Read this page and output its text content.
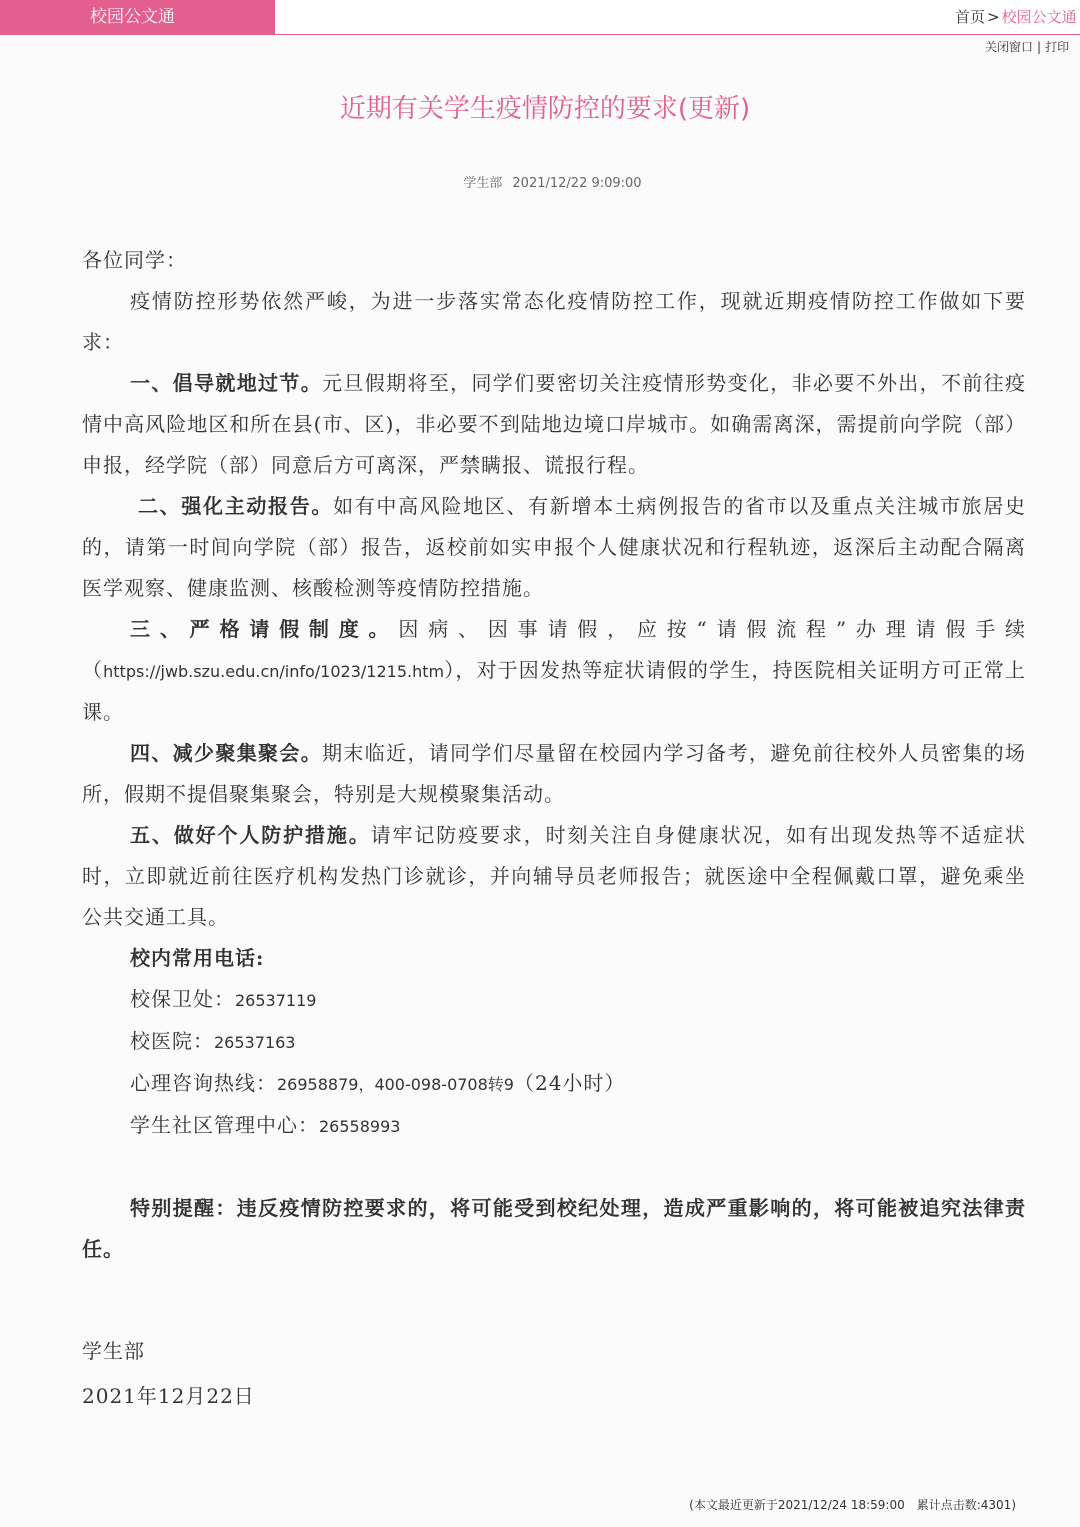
校园公文通	首页 > 校园公文通
关闭窗口 | 打印
近期有关学生疫情防控的要求(更新)
学生部 2021/12/22 9:09:00

各位同学：

疫情防控形势依然严峻，为进一步落实常态化疫情防控工作，现就近期疫情防控工作做如下要求：

一、倡导就地过节。元旦假期将至，同学们要密切关注疫情形势变化，非必要不外出，不前往疫情中高风险地区和所在县(市、区)，非必要不到陆地边境口岸城市。如确需离深，需提前向学院（部）申报，经学院（部）同意后方可离深，严禁瞒报、谎报行程。

二、强化主动报告。如有中高风险地区、有新增本土病例报告的省市以及重点关注城市旅居史的，请第一时间向学院（部）报告，返校前如实申报个人健康状况和行程轨迹，返深后主动配合隔离医学观察、健康监测、核酸检测等疫情防控措施。

三、严格请假制度。因病、因事请假，应按“请假流程”办理请假手续（https://jwb.szu.edu.cn/info/1023/1215.htm），对于因发热等症状请假的学生，持医院相关证明方可正常上课。

四、减少聚集聚会。期末临近，请同学们尽量留在校园内学习备考，避免前往校外人员密集的场所，假期不提倡聚集聚会，特别是大规模聚集活动。

五、做好个人防护措施。请牢记防疫要求，时刻关注自身健康状况，如有出现发热等不适症状时，立即就近前往医疗机构发热门诊就诊，并向辅导员老师报告；就医途中全程佩戴口罩，避免乘坐公共交通工具。

校内常用电话:

校保卫处：26537119

校医院：26537163

心理咨询热线：26958879，400-098-0708转9（24小时）

学生社区管理中心：26558993

特别提醒：违反疫情防控要求的，将可能受到校纪处理，造成严重影响的，将可能被追究法律责任。

学生部

2021年12月22日

(本文最近更新于2021/12/24 18:59:00 累计点击数:4301)
